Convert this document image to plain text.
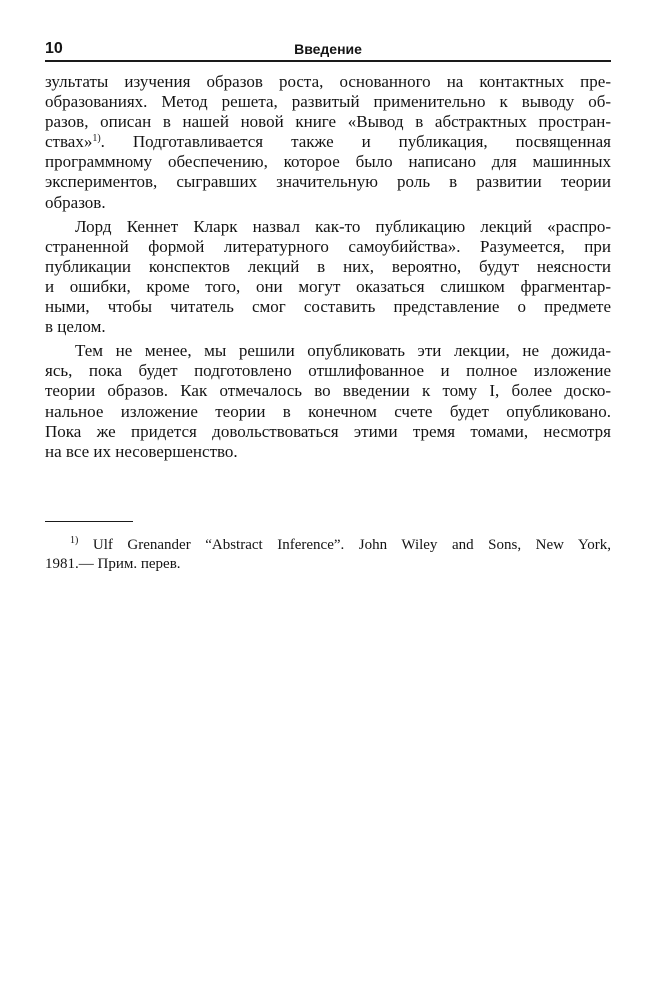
10	Введение
зультаты изучения образов роста, основанного на контактных пре-
образованиях. Метод решета, развитый применительно к выводу об-
разов, описан в нашей новой книге «Вывод в абстрактных простран-
ствах»$^{1)}$. Подготавливается также и публикация, посвященная
программному обеспечению, которое было написано для машинных
экспериментов, сыгравших значительную роль в развитии теории
образов.
Лорд Кеннет Кларк назвал как-то публикацию лекций «распро-
страненной формой литературного самоубийства». Разумеется, при
публикации конспектов лекций в них, вероятно, будут неясности
и ошибки, кроме того, они могут оказаться слишком фрагментар-
ными, чтобы читатель смог составить представление о предмете
в целом.
Тем не менее, мы решили опубликовать эти лекции, не дожида-
ясь, пока будет подготовлено отшлифованное и полное изложение
теории образов. Как отмечалось во введении к тому I, более доско-
нальное изложение теории в конечном счете будет опубликовано.
Пока же придется довольствоваться этими тремя томами, несмотря
на все их несовершенство.
$^{1)}$ Ulf Grenander “Abstract Inference”. John Wiley and Sons, New York,
1981.— Прим. перев.
